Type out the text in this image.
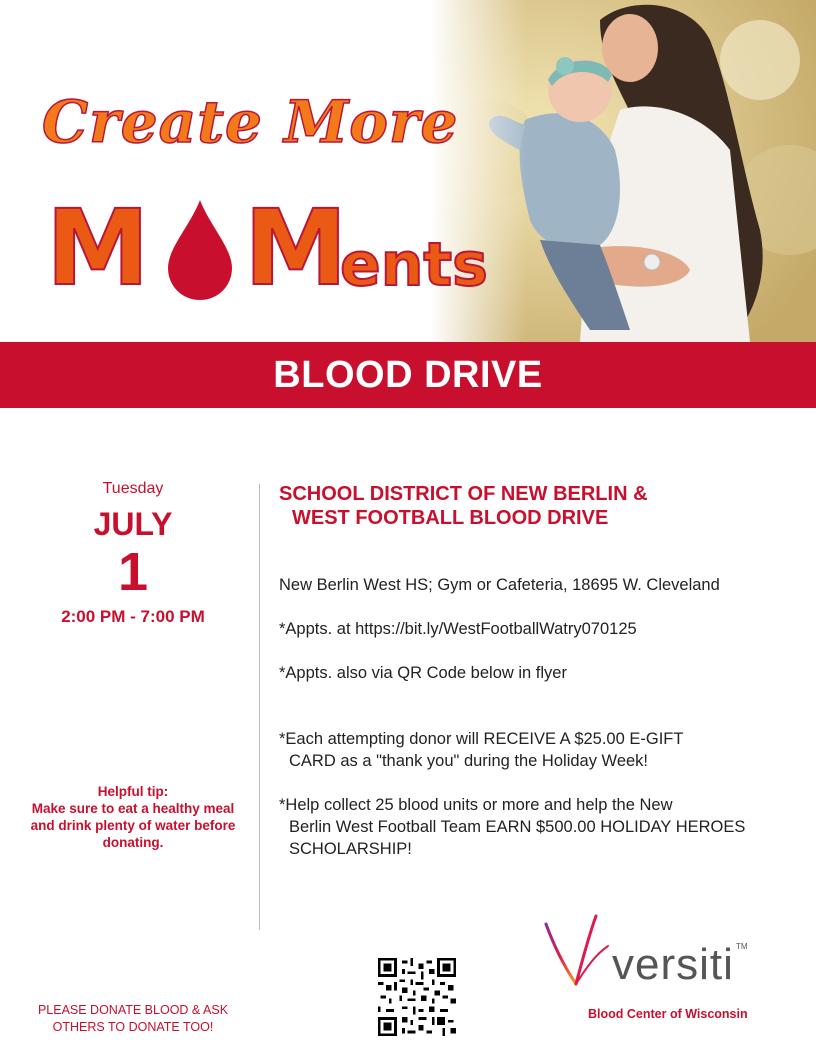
Create More
M M
ents
BLOOD DRIVE
Tuesday
JULY
1
2:00 PM - 7:00 PM
Helpful tip:
Make sure to eat a healthy meal and drink plenty of water before donating.
SCHOOL DISTRICT OF NEW BERLIN &
WEST FOOTBALL BLOOD DRIVE

New Berlin West HS; Gym or Cafeteria, 18695 W. Cleveland

*Appts. at https://bit.ly/WestFootballWatry070125

*Appts. also via QR Code below in flyer

*Each attempting donor will RECEIVE A $25.00 E-GIFT
CARD as a "thank you" during the Holiday Week!

*Help collect 25 blood units or more and help the New
Berlin West Football Team EARN $500.00 HOLIDAY HEROES SCHOLARSHIP!

PLEASE DONATE BLOOD & ASK
OTHERS TO DONATE TOO!
versiti TM
Blood Center of Wisconsin
